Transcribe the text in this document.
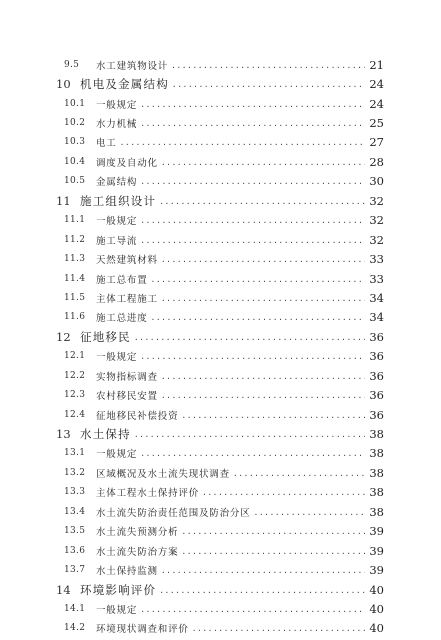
9.5	水工建筑物设计 ·····	21
10 机电及金属结构 ·····	24
10.1	一般规定 ·····	24
10.2	水力机械 ·····	25
10.3	电工 ·····	27
10.4	调度及自动化 ·····	28
10.5	金属结构 ·····	30
11 施工组织设计 ·····	32
11.1	一般规定 ·····	32
11.2	施工导流 ·····	32
11.3	天然建筑材料 ·····	33
11.4	施工总布置 ·····	33
11.5	主体工程施工 ·····	34
11.6	施工总进度 ·····	34
12 征地移民 ·····	36
12.1	一般规定 ·····	36
12.2	实物指标调查 ·····	36
12.3	农村移民安置 ·····	36
12.4	征地移民补偿投资 ·····	36
13 水土保持 ·····	38
13.1	一般规定 ·····	38
13.2	区域概况及水土流失现状调查 ·····	38
13.3	主体工程水土保持评价 ·····	38
13.4	水土流失防治责任范围及防治分区 ·····	38
13.5	水土流失预测分析 ·····	39
13.6	水土流失防治方案 ·····	39
13.7	水土保持监测 ·····	39
14 环境影响评价 ·····	40
14.1	一般规定 ·····	40
14.2	环境现状调查和评价 ·····	40
